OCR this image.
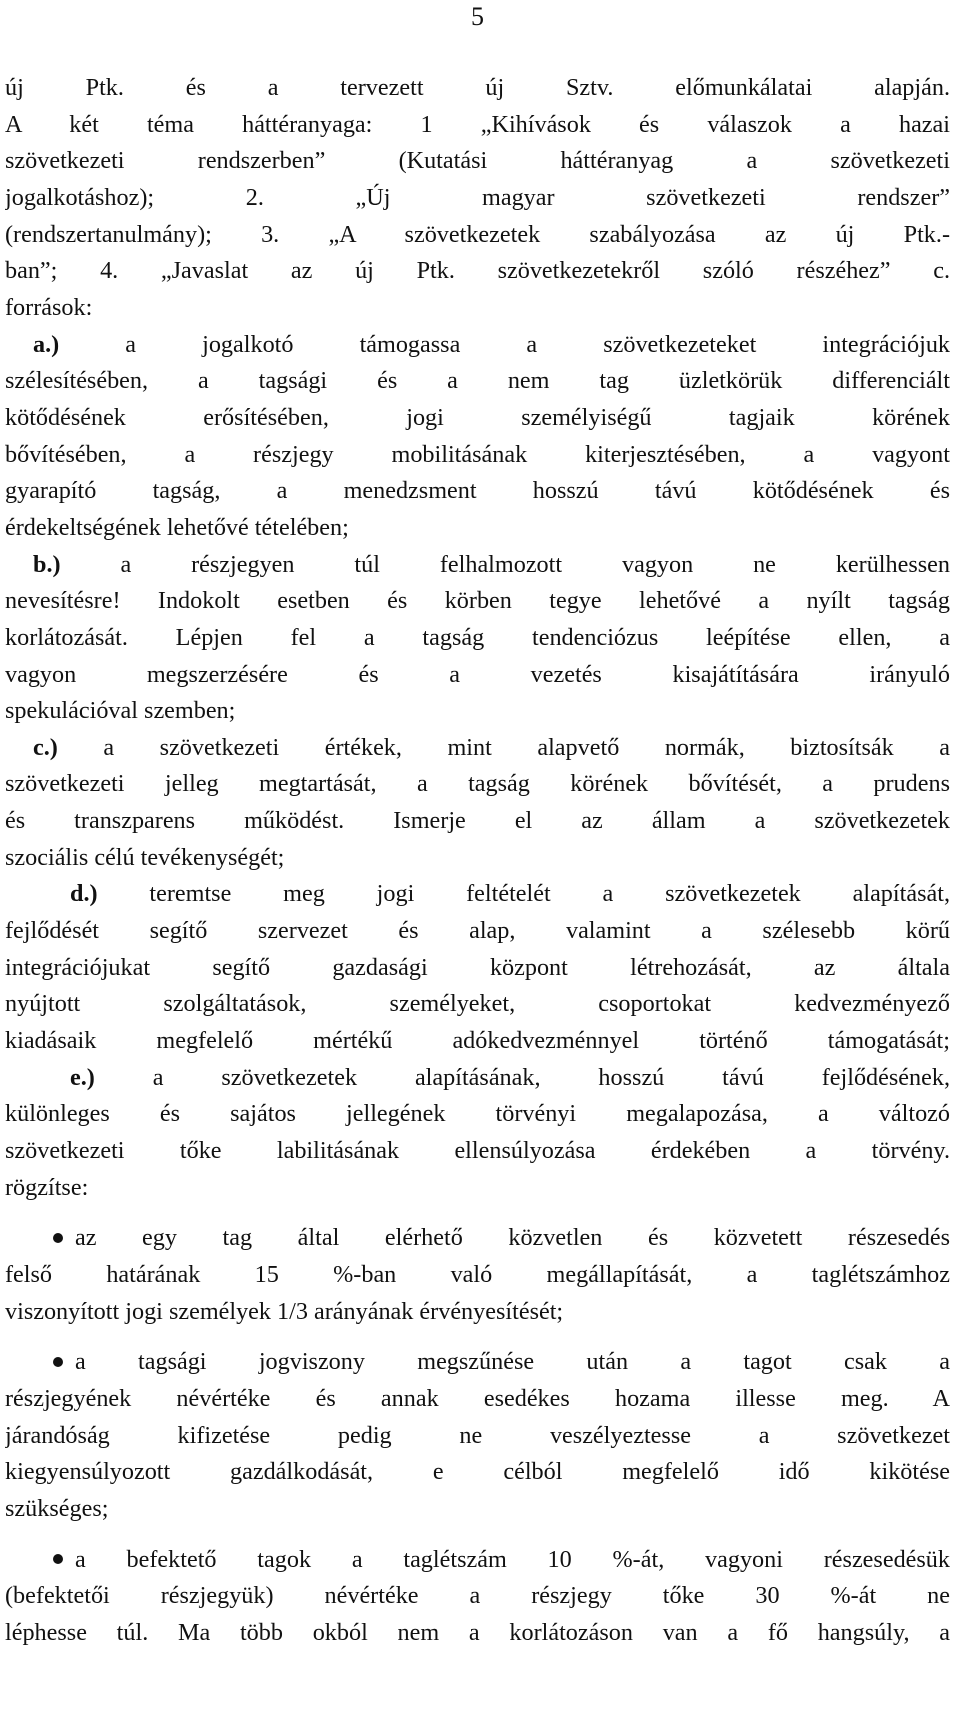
5
új Ptk. és a tervezett új Sztv. előmunkálatai alapján.
A két téma háttéranyaga: 1 „Kihívások és válaszok a hazai
szövetkezeti rendszerben” (Kutatási háttéranyag a szövetkezeti
jogalkotáshoz); 2. „Új magyar szövetkezeti rendszer”
(rendszertanulmány); 3. „A szövetkezetek szabályozása az új Ptk.-
ban”; 4. „Javaslat az új Ptk. szövetkezetekről szóló részéhez” c.
források:
a.)	a jogalkotó támogassa a szövetkezeteket integrációjuk
szélesítésében, a tagsági és a nem tag üzletkörük differenciált
kötődésének erősítésében, jogi személyiségű tagjaik körének
bővítésében, a részjegy mobilitásának kiterjesztésében, a vagyont
gyarapító tagság, a menedzsment hosszú távú kötődésének és
érdekeltségének lehetővé tételében;
b.) a részjegyen túl felhalmozott vagyon ne kerülhessen
nevesítésre! Indokolt esetben és körben tegye lehetővé a nyílt tagság
korlátozását. Lépjen fel a tagság tendenciózus leépítése ellen, a
vagyon megszerzésére és a vezetés kisajátítására irányuló
spekulációval szemben;
c.) a szövetkezeti értékek, mint alapvető normák, biztosítsák a
szövetkezeti jelleg megtartását, a tagság körének bővítését, a prudens
és transzparens működést. Ismerje el az állam a szövetkezetek
szociális célú tevékenységét;
d.) teremtse meg jogi feltételét a szövetkezetek alapítását,
fejlődését segítő szervezet és alap, valamint a szélesebb körű
integrációjukat segítő gazdasági központ létrehozását, az általa
nyújtott szolgáltatások, személyeket, csoportokat kedvezményező
kiadásaik megfelelő mértékű adókedvezménnyel történő támogatását;
e.) a szövetkezetek alapításának, hosszú távú fejlődésének,
különleges és sajátos jellegének törvényi megalapozása, a változó
szövetkezeti tőke labilitásának ellensúlyozása érdekében a törvény.
rögzítse:
az egy tag által elérhető közvetlen és közvetett részesedés
felső határának 15 %-ban való megállapítását, a taglétszámhoz
viszonyított jogi személyek 1/3 arányának érvényesítését;
a tagsági jogviszony megszűnése után a tagot csak a
részjegyének névértéke és annak esedékes hozama illesse meg. A
járandóság kifizetése pedig ne veszélyeztesse a szövetkezet
kiegyensúlyozott gazdálkodását, e célból megfelelő idő kikötése
szükséges;
a befektető tagok a taglétszám 10 %-át, vagyoni részesedésük
(befektetői részjegyük) névértéke a részjegy tőke 30 %-át ne
léphesse túl. Ma több okból nem a korlátozáson van a fő hangsúly, a
